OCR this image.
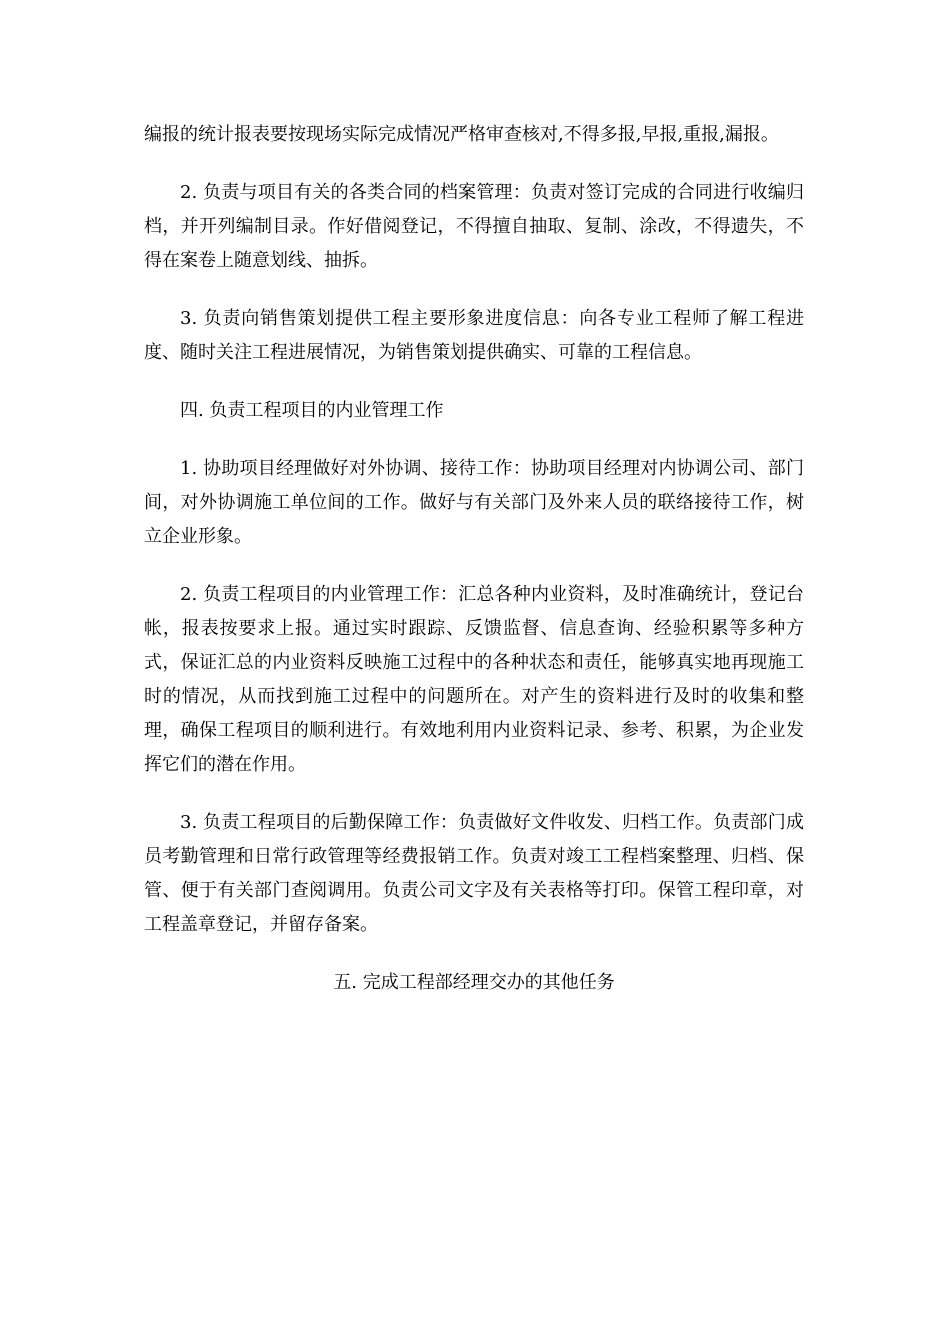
编报的统计报表要按现场实际完成情况严格审查核对,不得多报,早报,重报,漏报。

2. 负责与项目有关的各类合同的档案管理：负责对签订完成的合同进行收编归档，并开列编制目录。作好借阅登记，不得擅自抽取、复制、涂改，不得遗失，不得在案卷上随意划线、抽拆。

3. 负责向销售策划提供工程主要形象进度信息：向各专业工程师了解工程进度、随时关注工程进展情况，为销售策划提供确实、可靠的工程信息。

四. 负责工程项目的内业管理工作

1. 协助项目经理做好对外协调、接待工作：协助项目经理对内协调公司、部门间，对外协调施工单位间的工作。做好与有关部门及外来人员的联络接待工作，树立企业形象。

2. 负责工程项目的内业管理工作：汇总各种内业资料，及时准确统计，登记台帐，报表按要求上报。通过实时跟踪、反馈监督、信息查询、经验积累等多种方式，保证汇总的内业资料反映施工过程中的各种状态和责任，能够真实地再现施工时的情况，从而找到施工过程中的问题所在。对产生的资料进行及时的收集和整理，确保工程项目的顺利进行。有效地利用内业资料记录、参考、积累，为企业发挥它们的潜在作用。

3. 负责工程项目的后勤保障工作：负责做好文件收发、归档工作。负责部门成员考勤管理和日常行政管理等经费报销工作。负责对竣工工程档案整理、归档、保管、便于有关部门查阅调用。负责公司文字及有关表格等打印。保管工程印章，对工程盖章登记，并留存备案。

五. 完成工程部经理交办的其他任务
